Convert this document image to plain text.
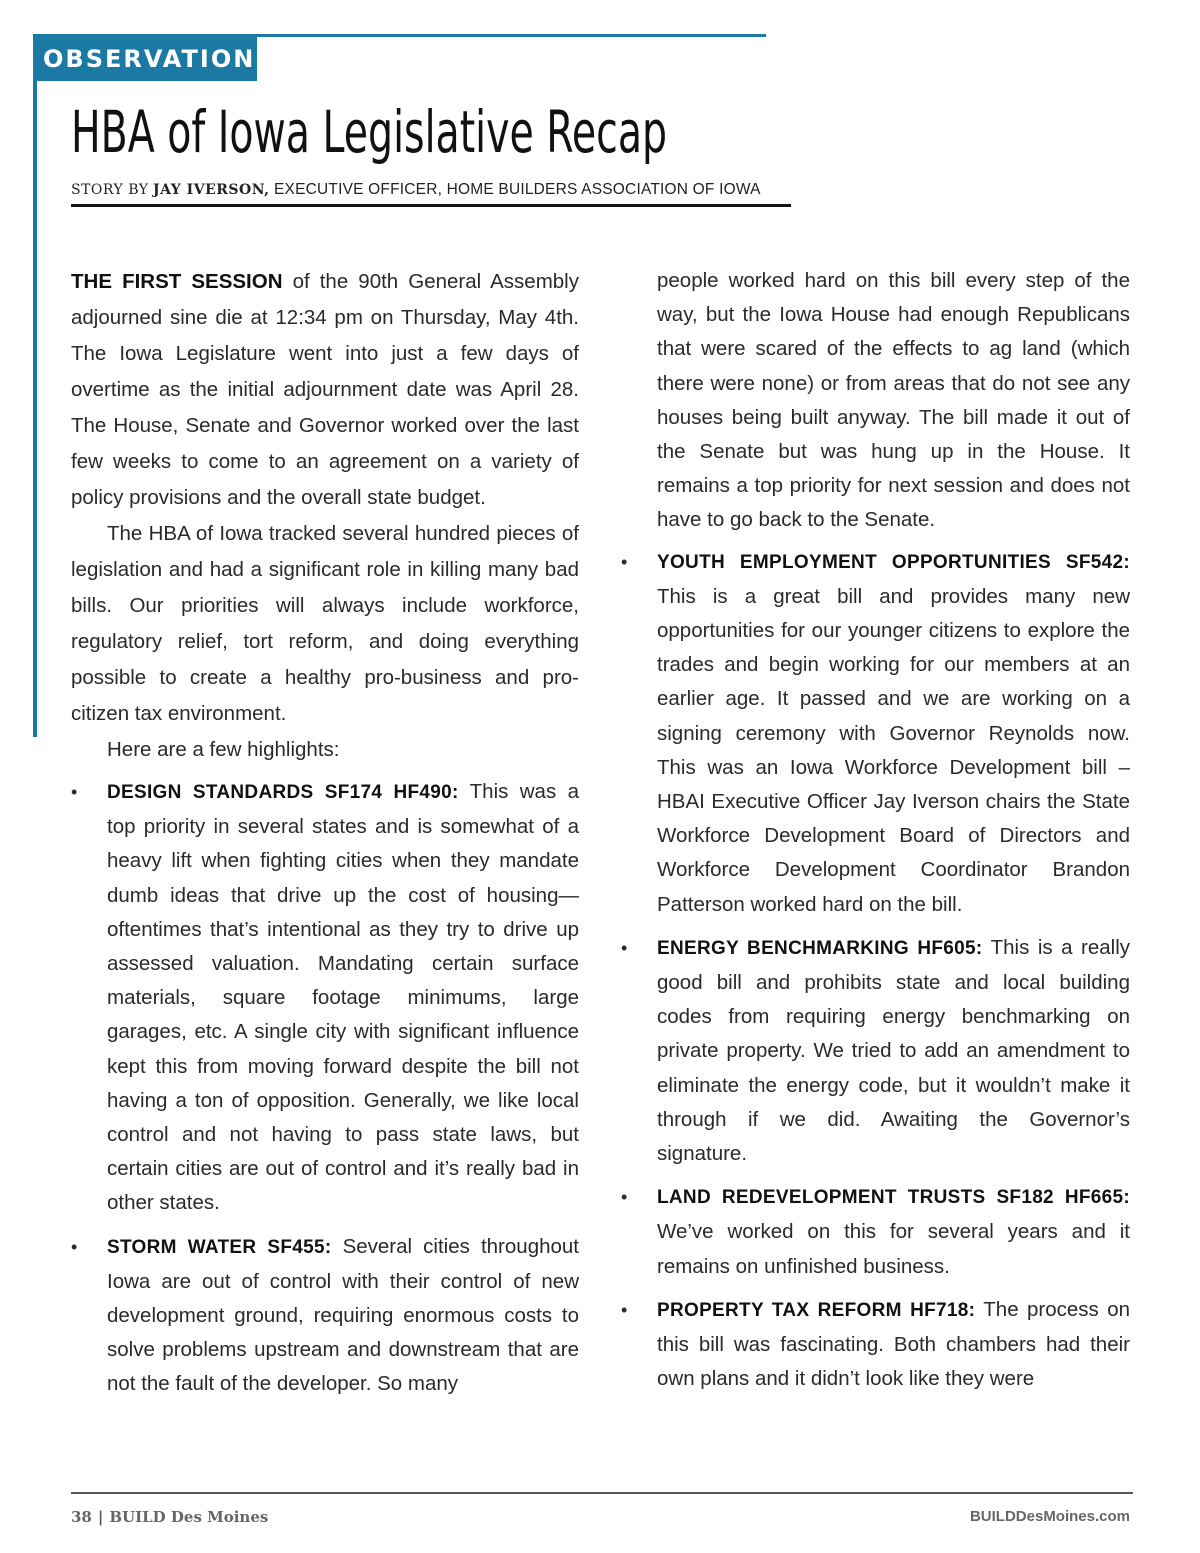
OBSERVATIONS
HBA of Iowa Legislative Recap
STORY BY JAY IVERSON, EXECUTIVE OFFICER, HOME BUILDERS ASSOCIATION OF IOWA

THE FIRST SESSION of the 90th General Assembly adjourned sine die at 12:34 pm on Thursday, May 4th. The Iowa Legislature went into just a few days of overtime as the initial adjournment date was April 28. The House, Senate and Governor worked over the last few weeks to come to an agreement on a variety of policy provisions and the overall state budget.

The HBA of Iowa tracked several hundred pieces of legislation and had a significant role in killing many bad bills. Our priorities will always include workforce, regulatory relief, tort reform, and doing everything possible to create a healthy pro-business and pro-citizen tax environment.

Here are a few highlights:

• DESIGN STANDARDS SF174 HF490: This was a top priority in several states and is somewhat of a heavy lift when fighting cities when they mandate dumb ideas that drive up the cost of housing—oftentimes that’s intentional as they try to drive up assessed valuation. Mandating certain surface materials, square footage minimums, large garages, etc. A single city with significant influence kept this from moving forward despite the bill not having a ton of opposition. Generally, we like local control and not having to pass state laws, but certain cities are out of control and it’s really bad in other states.
• STORM WATER SF455: Several cities throughout Iowa are out of control with their control of new development ground, requiring enormous costs to solve problems upstream and downstream that are not the fault of the developer. So many

people worked hard on this bill every step of the way, but the Iowa House had enough Republicans that were scared of the effects to ag land (which there were none) or from areas that do not see any houses being built anyway. The bill made it out of the Senate but was hung up in the House. It remains a top priority for next session and does not have to go back to the Senate.

• YOUTH EMPLOYMENT OPPORTUNITIES SF542: This is a great bill and provides many new opportunities for our younger citizens to explore the trades and begin working for our members at an earlier age. It passed and we are working on a signing ceremony with Governor Reynolds now. This was an Iowa Workforce Development bill – HBAI Executive Officer Jay Iverson chairs the State Workforce Development Board of Directors and Workforce Development Coordinator Brandon Patterson worked hard on the bill.
• ENERGY BENCHMARKING HF605: This is a really good bill and prohibits state and local building codes from requiring energy benchmarking on private property. We tried to add an amendment to eliminate the energy code, but it wouldn’t make it through if we did. Awaiting the Governor’s signature.
• LAND REDEVELOPMENT TRUSTS SF182 HF665: We’ve worked on this for several years and it remains on unfinished business.
• PROPERTY TAX REFORM HF718: The process on this bill was fascinating. Both chambers had their own plans and it didn’t look like they were
38 | BUILD Des Moines	BUILDDesMoines.com
